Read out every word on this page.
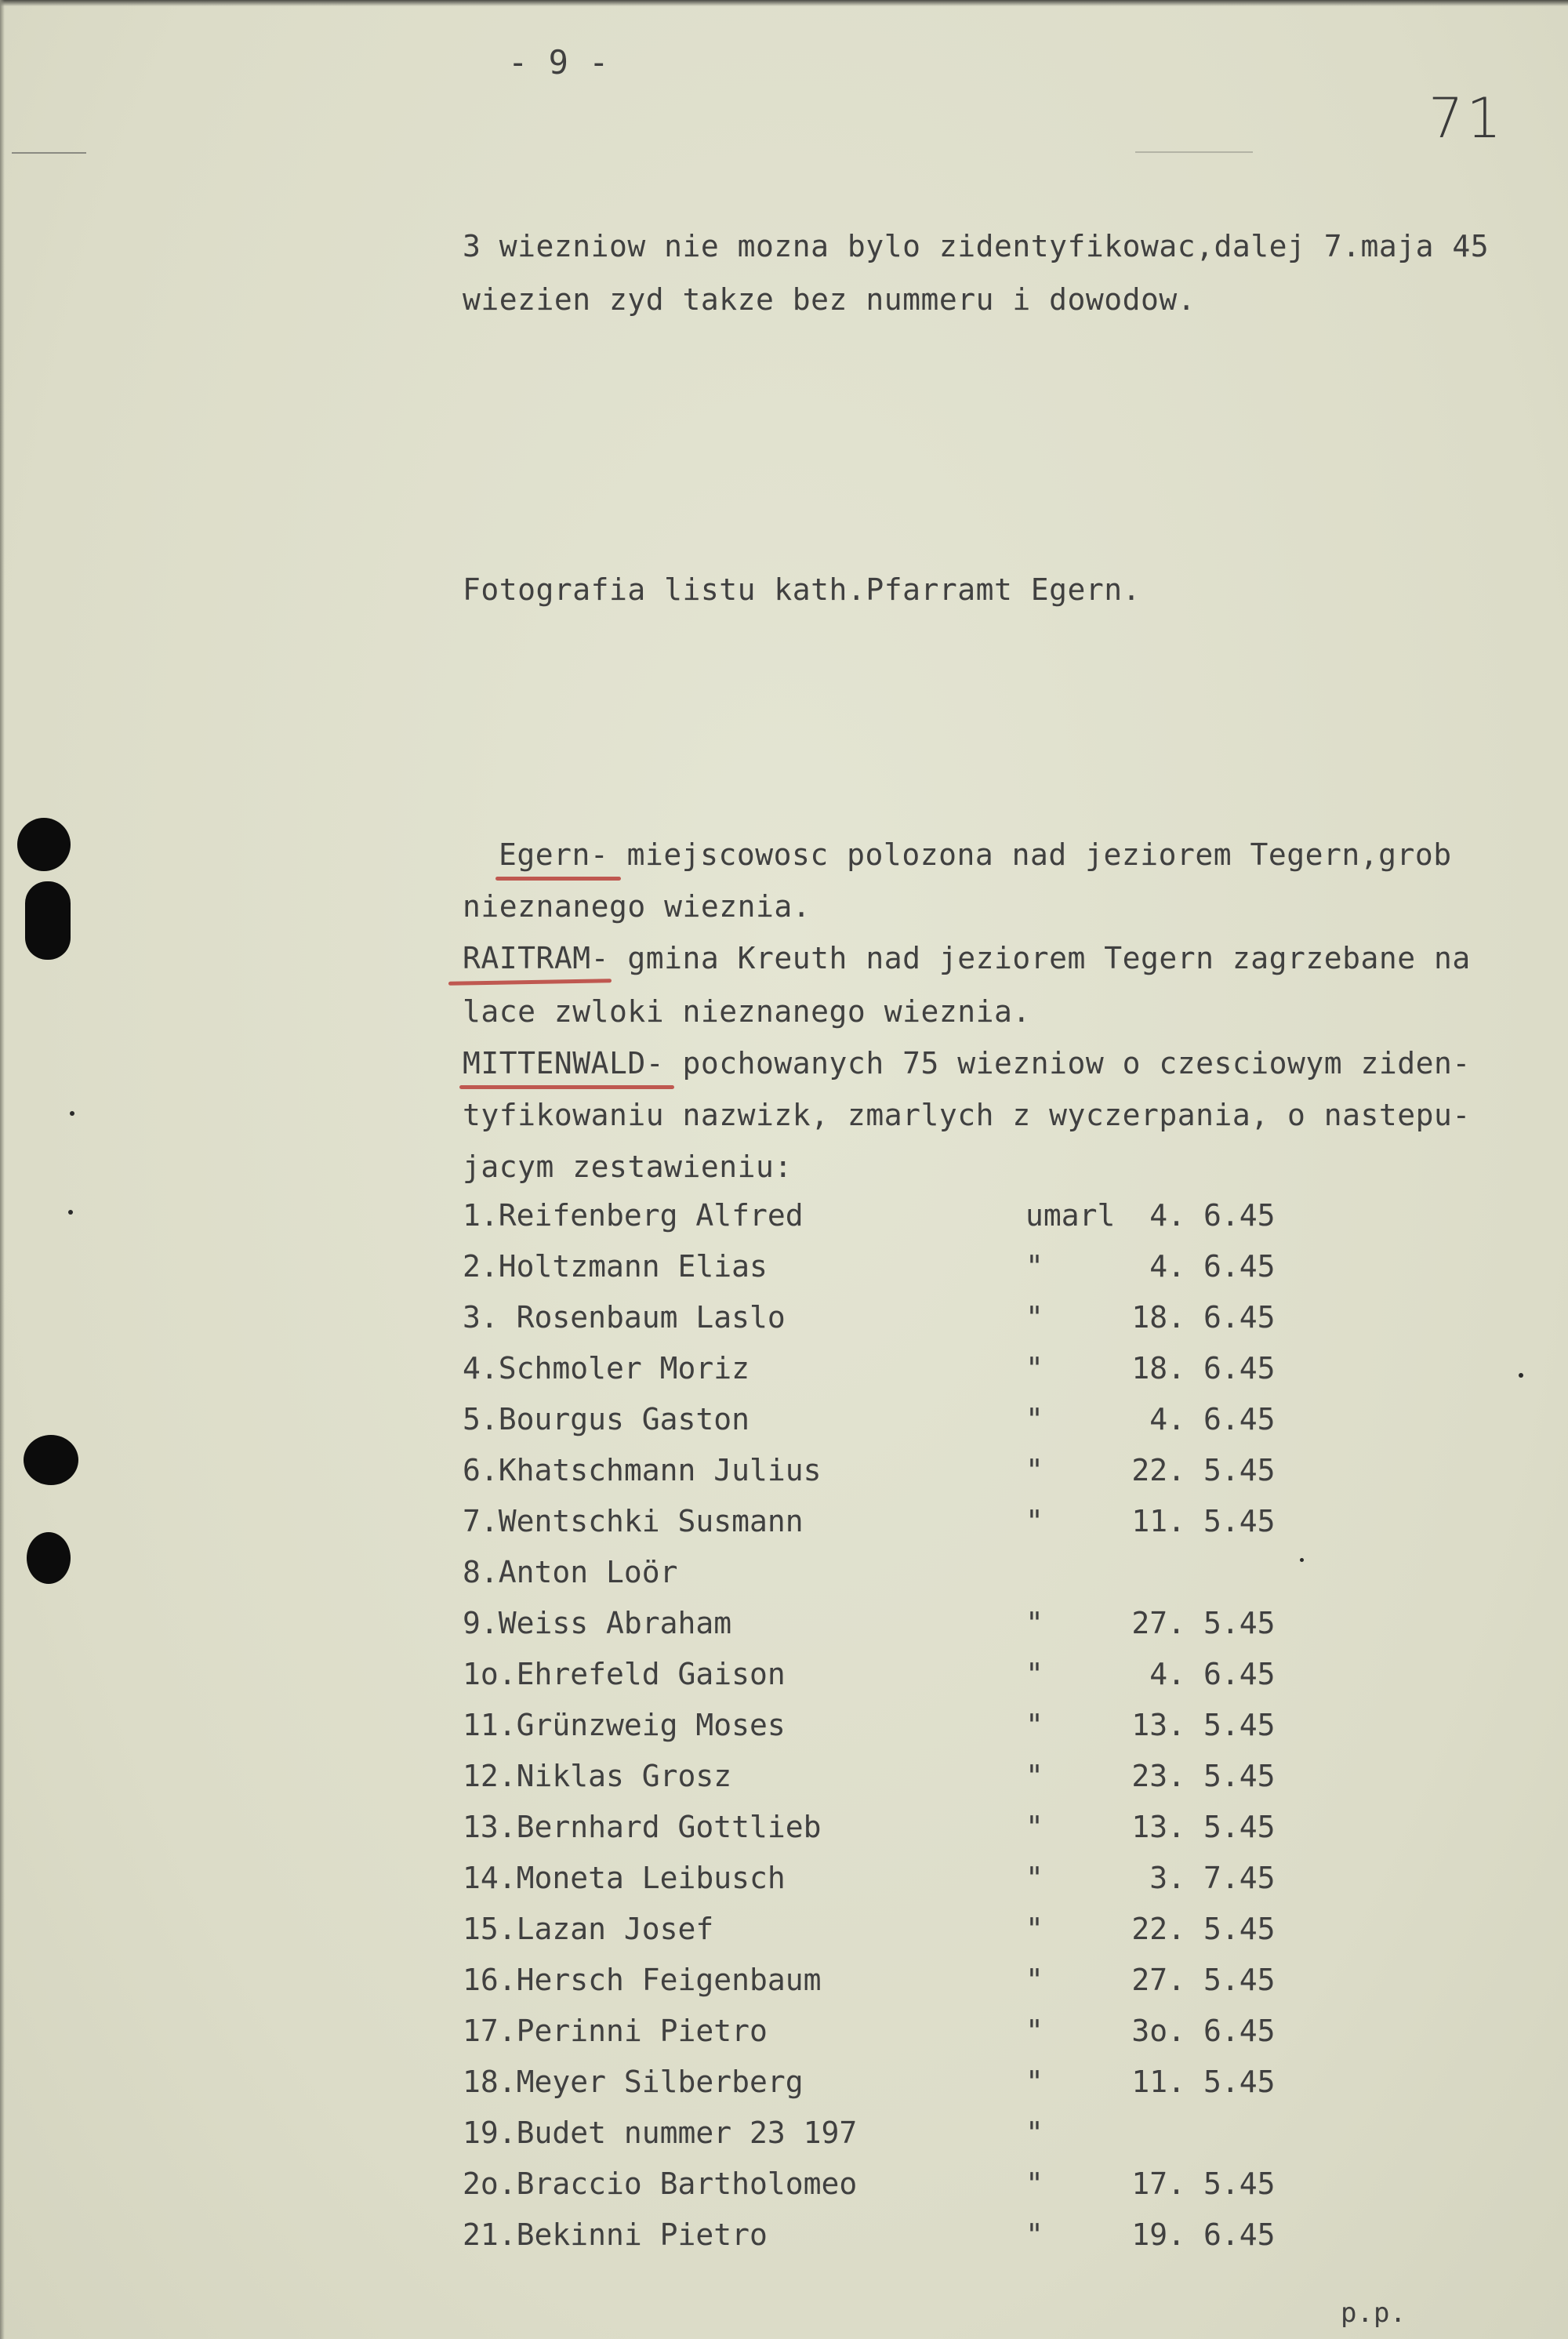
- 9 -
71
3 wiezniow nie mozna bylo zidentyfikowac,dalej 7.maja 45
wiezien zyd takze bez nummeru i dowodow.
Fotografia listu kath.Pfarramt Egern.
Egern- miejscowosc polozona nad jeziorem Tegern,grob
nieznanego wieznia.
RAITRAM- gmina Kreuth nad jeziorem Tegern zagrzebane na
lace zwloki nieznanego wieznia.
MITTENWALD- pochowanych 75 wiezniow o czesciowym ziden-
tyfikowaniu nazwizk, zmarlych z wyczerpania, o nastepu-
jacym zestawieniu:
1.Reifenberg Alfred	umarl	4. 6.45
2.Holtzmann Elias	"	4. 6.45
3. Rosenbaum Laslo	"	18. 6.45
4.Schmoler Moriz	"	18. 6.45
5.Bourgus Gaston	"	4. 6.45
6.Khatschmann Julius	"	22. 5.45
7.Wentschki Susmann	"	11. 5.45
8.Anton Loör
9.Weiss Abraham	"	27. 5.45
1o.Ehrefeld Gaison	"	4. 6.45
11.Grünzweig Moses	"	13. 5.45
12.Niklas Grosz	"	23. 5.45
13.Bernhard Gottlieb	"	13. 5.45
14.Moneta Leibusch	"	3. 7.45
15.Lazan Josef	"	22. 5.45
16.Hersch Feigenbaum	"	27. 5.45
17.Perinni Pietro	"	3o. 6.45
18.Meyer Silberberg	"	11. 5.45
19.Budet nummer 23 197	"
2o.Braccio Bartholomeo	"	17. 5.45
21.Bekinni Pietro	"	19. 6.45
p.p.
